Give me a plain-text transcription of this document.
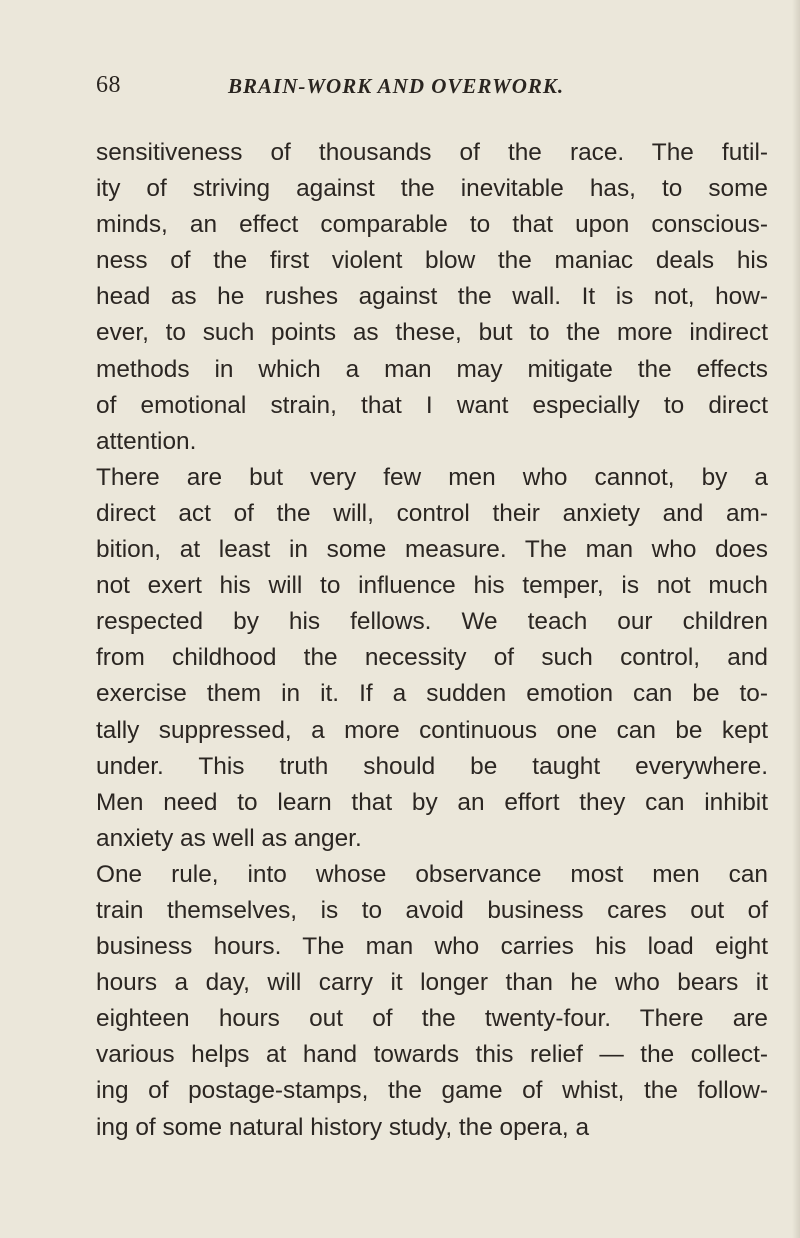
68	BRAIN-WORK AND OVERWORK.
sensitiveness of thousands of the race. The futil-
ity of striving against the inevitable has, to some
minds, an effect comparable to that upon conscious-
ness of the first violent blow the maniac deals his
head as he rushes against the wall. It is not, how-
ever, to such points as these, but to the more indirect
methods in which a man may mitigate the effects
of emotional strain, that I want especially to direct
attention.
There are but very few men who cannot, by a
direct act of the will, control their anxiety and am-
bition, at least in some measure. The man who does
not exert his will to influence his temper, is not much
respected by his fellows. We teach our children
from childhood the necessity of such control, and
exercise them in it. If a sudden emotion can be to-
tally suppressed, a more continuous one can be kept
under. This truth should be taught everywhere.
Men need to learn that by an effort they can inhibit
anxiety as well as anger.
One rule, into whose observance most men can
train themselves, is to avoid business cares out of
business hours. The man who carries his load eight
hours a day, will carry it longer than he who bears it
eighteen hours out of the twenty-four. There are
various helps at hand towards this relief — the collect-
ing of postage-stamps, the game of whist, the follow-
ing of some natural history study, the opera, a
